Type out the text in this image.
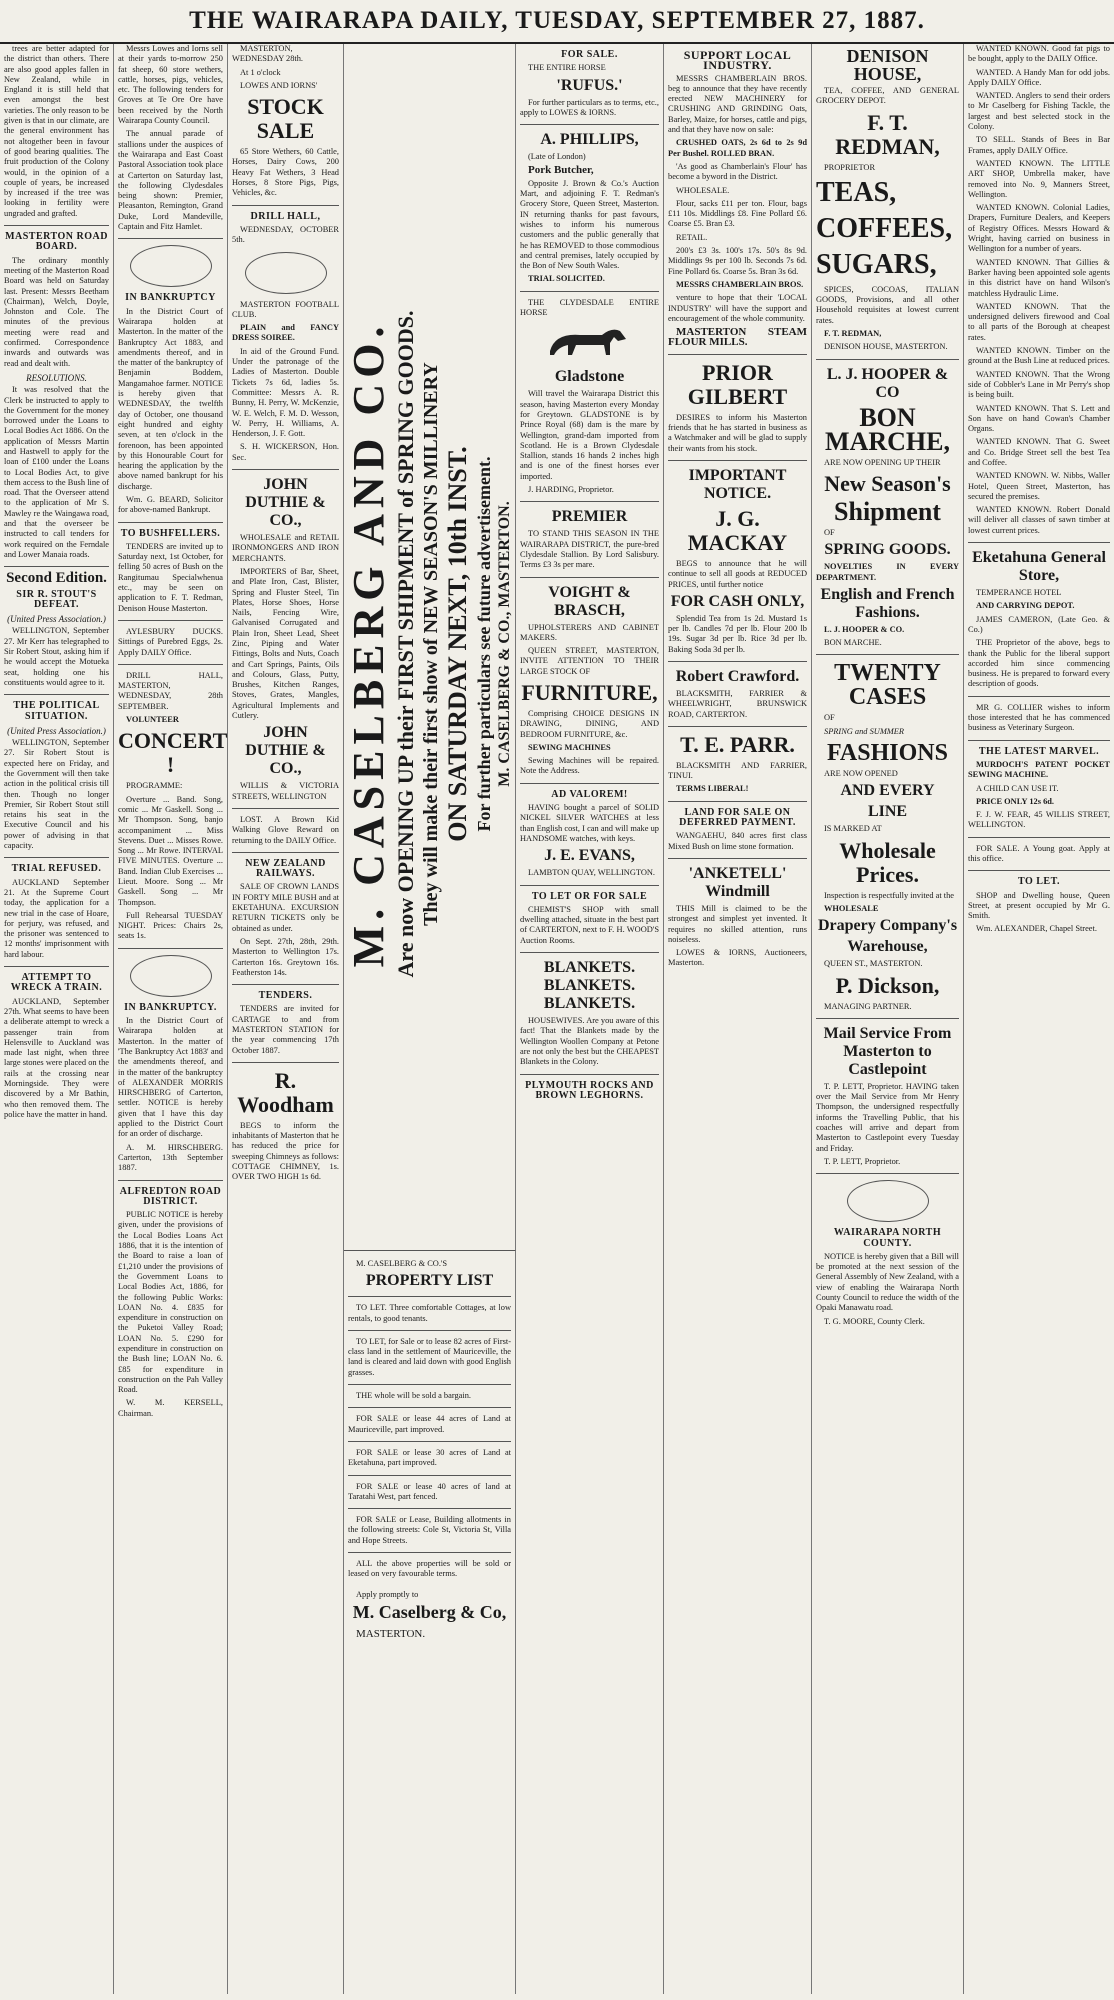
THE WAIRARAPA DAILY, TUESDAY, SEPTEMBER 27, 1887.

trees are better adapted for the district than others. There are also good apples fallen in New Zealand, while in England it is still held that even amongst the best varieties. The only reason to be given is that in our climate, are the general environment has not altogether been in favour of good bearing qualities. The fruit production of the Colony would, in the opinion of a couple of years, be increased by increased if the tree was looking in fertility were ungraded and grafted.

MASTERTON ROAD BOARD.

The ordinary monthly meeting of the Masterton Road Board was held on Saturday last. Present: Messrs Beetham (Chairman), Welch, Doyle, Johnston and Cole. The minutes of the previous meeting were read and confirmed. Correspondence inwards and outwards was read and dealt with.

RESOLUTIONS.

It was resolved that the Clerk be instructed to apply to the Government for the money borrowed under the Loans to Local Bodies Act 1886. On the application of Messrs Martin and Hastwell to apply for the loan of £100 under the Loans to Local Bodies Act, to give them access to the Bush line of road. That the Overseer attend to the application of Mr S. Mawley re the Waingawa road, and that the overseer be instructed to call tenders for work required on the Ferndale and Lower Manaia roads.

Second Edition.
SIR R. STOUT'S DEFEAT.
(United Press Association.)

WELLINGTON, September 27. Mr Kerr has telegraphed to Sir Robert Stout, asking him if he would accept the Motueka seat, holding one his constituents would agree to it.

THE POLITICAL SITUATION.
(United Press Association.)

WELLINGTON, September 27. Sir Robert Stout is expected here on Friday, and the Government will then take action in the political crisis till then. Though no longer Premier, Sir Robert Stout still retains his seat in the Executive Council and his power of advising in that capacity.

TRIAL REFUSED.

AUCKLAND September 21. At the Supreme Court today, the application for a new trial in the case of Hoare, for perjury, was refused, and the prisoner was sentenced to 12 months' imprisonment with hard labour.

ATTEMPT TO WRECK A TRAIN.

AUCKLAND, September 27th. What seems to have been a deliberate attempt to wreck a passenger train from Helensville to Auckland was made last night, when three large stones were placed on the rails at the crossing near Morningside. They were discovered by a Mr Bathin, who then removed them. The police have the matter in hand.

Messrs Lowes and Iorns sell at their yards to-morrow 250 fat sheep, 60 store wethers, cattle, horses, pigs, vehicles, etc. The following tenders for Groves at Te Ore Ore have been received by the North Wairarapa County Council.

The annual parade of stallions under the auspices of the Wairarapa and East Coast Pastoral Association took place at Carterton on Saturday last, the following Clydesdales being shown: Premier, Pleasanton, Remington, Grand Duke, Lord Mandeville, Captain and Fitz Hamlet.

IN BANKRUPTCY

In the District Court of Wairarapa holden at Masterton. In the matter of the Bankruptcy Act 1883, and amendments thereof, and in the matter of the bankruptcy of Benjamin Boddem, Mangamahoe farmer. NOTICE is hereby given that WEDNESDAY, the twelfth day of October, one thousand eight hundred and eighty seven, at ten o'clock in the forenoon, has been appointed by this Honourable Court for hearing the application by the above named bankrupt for his discharge.

Wm. G. BEARD, Solicitor for above-named Bankrupt.

TO BUSHFELLERS.

TENDERS are invited up to Saturday next, 1st October, for felling 50 acres of Bush on the Rangitumau Specialwhenua etc., may be seen on application to F. T. Redman, Denison House Masterton.

AYLESBURY DUCKS. Sittings of Purebred Eggs, 2s. Apply DAILY Office.

DRILL HALL, MASTERTON, WEDNESDAY, 28th SEPTEMBER.

VOLUNTEER

CONCERT !

PROGRAMME:

Overture ... Band. Song, comic ... Mr Gaskell. Song ... Mr Thompson. Song, banjo accompaniment ... Miss Stevens. Duet ... Misses Rowe. Song ... Mr Rowe. INTERVAL FIVE MINUTES. Overture ... Band. Indian Club Exercises ... Lieut. Moore. Song ... Mr Gaskell. Song ... Mr Thompson.

Full Rehearsal TUESDAY NIGHT. Prices: Chairs 2s, seats 1s.

IN BANKRUPTCY.

In the District Court of Wairarapa holden at Masterton. In the matter of 'The Bankruptcy Act 1883' and the amendments thereof, and in the matter of the bankruptcy of ALEXANDER MORRIS HIRSCHBERG of Carterton, settler. NOTICE is hereby given that I have this day applied to the District Court for an order of discharge.

A. M. HIRSCHBERG. Carterton, 13th September 1887.

ALFREDTON ROAD DISTRICT.

PUBLIC NOTICE is hereby given, under the provisions of the Local Bodies Loans Act 1886, that it is the intention of the Board to raise a loan of £1,210 under the provisions of the Government Loans to Local Bodies Act, 1886, for the following Public Works: LOAN No. 4. £835 for expenditure in construction on the Puketoi Valley Road; LOAN No. 5. £290 for expenditure in construction on the Bush line; LOAN No. 6. £85 for expenditure in construction on the Pah Valley Road.

W. M. KERSELL, Chairman.

MASTERTON, WEDNESDAY 28th.

At 1 o'clock

LOWES AND IORNS'

STOCK SALE

65 Store Wethers, 60 Cattle, Horses, Dairy Cows, 200 Heavy Fat Wethers, 3 Head Horses, 8 Store Pigs, Pigs, Vehicles, &c.

DRILL HALL,

WEDNESDAY, OCTOBER 5th.

MASTERTON FOOTBALL CLUB.

PLAIN and FANCY DRESS SOIREE.

In aid of the Ground Fund. Under the patronage of the Ladies of Masterton. Double Tickets 7s 6d, ladies 5s. Committee: Messrs A. R. Bunny, H. Perry, W. McKenzie, W. E. Welch, F. M. D. Wesson, W. Perry, H. Williams, A. Henderson, J. F. Gott.

S. H. WICKERSON, Hon. Sec.

JOHN DUTHIE & CO.,

WHOLESALE and RETAIL IRONMONGERS AND IRON MERCHANTS.

IMPORTERS of Bar, Sheet, and Plate Iron, Cast, Blister, Spring and Fluster Steel, Tin Plates, Horse Shoes, Horse Nails, Fencing Wire, Galvanised Corrugated and Plain Iron, Sheet Lead, Sheet Zinc, Piping and Water Fittings, Bolts and Nuts, Coach and Cart Springs, Paints, Oils and Colours, Glass, Putty, Brushes, Kitchen Ranges, Stoves, Grates, Mangles, Agricultural Implements and Cutlery.

JOHN DUTHIE & CO.,

WILLIS & VICTORIA STREETS, WELLINGTON

LOST. A Brown Kid Walking Glove Reward on returning to the DAILY Office.

NEW ZEALAND RAILWAYS.

SALE OF CROWN LANDS IN FORTY MILE BUSH and at EKETAHUNA. EXCURSION RETURN TICKETS only be obtained as under.

On Sept. 27th, 28th, 29th. Masterton to Wellington 17s. Carterton 16s. Greytown 16s. Featherston 14s.

TENDERS.

TENDERS are invited for CARTAGE to and from MASTERTON STATION for the year commencing 17th October 1887.

R. Woodham

BEGS to inform the inhabitants of Masterton that he has reduced the price for sweeping Chimneys as follows: COTTAGE CHIMNEY, 1s. OVER TWO HIGH 1s 6d.

M. CASELBERG AND CO. Are now OPENING UP their FIRST SHIPMENT of SPRING GOODS. They will make their first show of NEW SEASON'S MILLINERY ON SATURDAY NEXT, 10th INST. For further particulars see future advertisement. M. CASELBERG & CO., MASTERTON.

M. CASELBERG & CO.'S

PROPERTY LIST

TO LET. Three comfortable Cottages, at low rentals, to good tenants.

TO LET, for Sale or to lease 82 acres of First-class land in the settlement of Mauriceville, the land is cleared and laid down with good English grasses.

THE whole will be sold a bargain.

FOR SALE or lease 44 acres of Land at Mauriceville, part improved.

FOR SALE or lease 30 acres of Land at Eketahuna, part improved.

FOR SALE or lease 40 acres of land at Taratahi West, part fenced.

FOR SALE or Lease, Building allotments in the following streets: Cole St, Victoria St, Villa and Hope Streets.

ALL the above properties will be sold or leased on very favourable terms.

Apply promptly to

M. Caselberg & Co,

MASTERTON.

FOR SALE.

THE ENTIRE HORSE

'RUFUS.'

For further particulars as to terms, etc., apply to LOWES & IORNS.

A. PHILLIPS,

(Late of London)

Pork Butcher,

Opposite J. Brown & Co.'s Auction Mart, and adjoining F. T. Redman's Grocery Store, Queen Street, Masterton. IN returning thanks for past favours, wishes to inform his numerous customers and the public generally that he has REMOVED to those commodious and central premises, lately occupied by the Bon of New South Wales.

TRIAL SOLICITED.

THE CLYDESDALE ENTIRE HORSE

Gladstone

Will travel the Wairarapa District this season, having Masterton every Monday for Greytown. GLADSTONE is by Prince Royal (68) dam is the mare by Wellington, grand-dam imported from Scotland. He is a Brown Clydesdale Stallion, stands 16 hands 2 inches high and is one of the finest horses ever imported.

J. HARDING, Proprietor.

PREMIER

TO STAND THIS SEASON IN THE WAIRARAPA DISTRICT, the pure-bred Clydesdale Stallion. By Lord Salisbury. Terms £3 3s per mare.

VOIGHT & BRASCH,

UPHOLSTERERS AND CABINET MAKERS.

QUEEN STREET, MASTERTON, INVITE ATTENTION TO THEIR LARGE STOCK OF

FURNITURE,

Comprising CHOICE DESIGNS IN DRAWING, DINING, AND BEDROOM FURNITURE, &c.

SEWING MACHINES

Sewing Machines will be repaired. Note the Address.

AD VALOREM!

HAVING bought a parcel of SOLID NICKEL SILVER WATCHES at less than English cost, I can and will make up HANDSOME watches, with keys.

J. E. EVANS,

LAMBTON QUAY, WELLINGTON.

TO LET OR FOR SALE

CHEMIST'S SHOP with small dwelling attached, situate in the best part of CARTERTON, next to F. H. WOOD'S Auction Rooms.

BLANKETS. BLANKETS. BLANKETS.

HOUSEWIVES. Are you aware of this fact! That the Blankets made by the Wellington Woollen Company at Petone are not only the best but the CHEAPEST Blankets in the Colony.

PLYMOUTH ROCKS AND BROWN LEGHORNS.
SUPPORT LOCAL INDUSTRY.

MESSRS CHAMBERLAIN BROS. beg to announce that they have recently erected NEW MACHINERY for CRUSHING AND GRINDING Oats, Barley, Maize, for horses, cattle and pigs, and that they have now on sale:

CRUSHED OATS, 2s 6d to 2s 9d Per Bushel. ROLLED BRAN.

'As good as Chamberlain's Flour' has become a byword in the District.

WHOLESALE.

Flour, sacks £11 per ton. Flour, bags £11 10s. Middlings £8. Fine Pollard £6. Coarse £5. Bran £3.

RETAIL.

200's £3 3s. 100's 17s. 50's 8s 9d. Middlings 9s per 100 lb. Seconds 7s 6d. Fine Pollard 6s. Coarse 5s. Bran 3s 6d.

MESSRS CHAMBERLAIN BROS.

venture to hope that their 'LOCAL INDUSTRY' will have the support and encouragement of the whole community.

MASTERTON STEAM FLOUR MILLS.

PRIOR GILBERT

DESIRES to inform his Masterton friends that he has started in business as a Watchmaker and will be glad to supply their wants from his stock.

IMPORTANT NOTICE.
J. G. MACKAY

BEGS to announce that he will continue to sell all goods at REDUCED PRICES, until further notice

FOR CASH ONLY,

Splendid Tea from 1s 2d. Mustard 1s per lb. Candles 7d per lb. Flour 200 lb 19s. Sugar 3d per lb. Rice 3d per lb. Baking Soda 3d per lb.

Robert Crawford.

BLACKSMITH, FARRIER & WHEELWRIGHT, BRUNSWICK ROAD, CARTERTON.

T. E. PARR.

BLACKSMITH AND FARRIER, TINUI.

TERMS LIBERAL!

LAND FOR SALE ON DEFERRED PAYMENT.

WANGAEHU, 840 acres first class Mixed Bush on lime stone formation.

'ANKETELL' Windmill

THIS Mill is claimed to be the strongest and simplest yet invented. It requires no skilled attention, runs noiseless.

LOWES & IORNS, Auctioneers, Masterton.

DENISON HOUSE,

TEA, COFFEE, AND GENERAL GROCERY DEPOT.

F. T. REDMAN,

PROPRIETOR

TEAS,
COFFEES,
SUGARS,

SPICES, COCOAS, ITALIAN GOODS, Provisions, and all other Household requisites at lowest current rates.

F. T. REDMAN,

DENISON HOUSE, MASTERTON.

L. J. HOOPER & CO
BON MARCHE,

ARE NOW OPENING UP THEIR

New Season's
Shipment

OF

SPRING GOODS.

NOVELTIES IN EVERY DEPARTMENT.

English and French Fashions.

L. J. HOOPER & CO.

BON MARCHE.

TWENTY CASES

OF

SPRING and SUMMER

FASHIONS

ARE NOW OPENED

AND EVERY
LINE

IS MARKED AT

Wholesale Prices.

Inspection is respectfully invited at the

WHOLESALE

Drapery Company's
Warehouse,

QUEEN ST., MASTERTON.

P. Dickson,

MANAGING PARTNER.

Mail Service From Masterton to Castlepoint

T. P. LETT, Proprietor. HAVING taken over the Mail Service from Mr Henry Thompson, the undersigned respectfully informs the Travelling Public, that his coaches will arrive and depart from Masterton to Castlepoint every Tuesday and Friday.

T. P. LETT, Proprietor.

WAIRARAPA NORTH COUNTY.

NOTICE is hereby given that a Bill will be promoted at the next session of the General Assembly of New Zealand, with a view of enabling the Wairarapa North County Council to reduce the width of the Opaki Manawatu road.

T. G. MOORE, County Clerk.

WANTED KNOWN. Good fat pigs to be bought, apply to the DAILY Office.

WANTED. A Handy Man for odd jobs. Apply DAILY Office.

WANTED. Anglers to send their orders to Mr Caselberg for Fishing Tackle, the largest and best selected stock in the Colony.

TO SELL. Stands of Bees in Bar Frames, apply DAILY Office.

WANTED KNOWN. The LITTLE ART SHOP, Umbrella maker, have removed into No. 9, Manners Street, Wellington.

WANTED KNOWN. Colonial Ladies, Drapers, Furniture Dealers, and Keepers of Registry Offices. Messrs Howard & Wright, having carried on business in Wellington for a number of years.

WANTED KNOWN. That Gillies & Barker having been appointed sole agents in this district have on hand Wilson's matchless Hydraulic Lime.

WANTED KNOWN. That the undersigned delivers firewood and Coal to all parts of the Borough at cheapest rates.

WANTED KNOWN. Timber on the ground at the Bush Line at reduced prices.

WANTED KNOWN. That the Wrong side of Cobbler's Lane in Mr Perry's shop is being built.

WANTED KNOWN. That S. Lett and Son have on hand Cowan's Chamber Organs.

WANTED KNOWN. That G. Sweet and Co. Bridge Street sell the best Tea and Coffee.

WANTED KNOWN. W. Nibbs, Waller Hotel, Queen Street, Masterton, has secured the premises.

WANTED KNOWN. Robert Donald will deliver all classes of sawn timber at lowest current prices.

Eketahuna General Store,

TEMPERANCE HOTEL

AND CARRYING DEPOT.

JAMES CAMERON, (Late Geo. & Co.)

THE Proprietor of the above, begs to thank the Public for the liberal support accorded him since commencing business. He is prepared to forward every description of goods.

MR G. COLLIER wishes to inform those interested that he has commenced business as Veterinary Surgeon.

THE LATEST MARVEL.

MURDOCH'S PATENT POCKET SEWING MACHINE.

A CHILD CAN USE IT.

PRICE ONLY 12s 6d.

F. J. W. FEAR, 45 WILLIS STREET, WELLINGTON.

FOR SALE. A Young goat. Apply at this office.

TO LET.

SHOP and Dwelling house, Queen Street, at present occupied by Mr G. Smith.

Wm. ALEXANDER, Chapel Street.
